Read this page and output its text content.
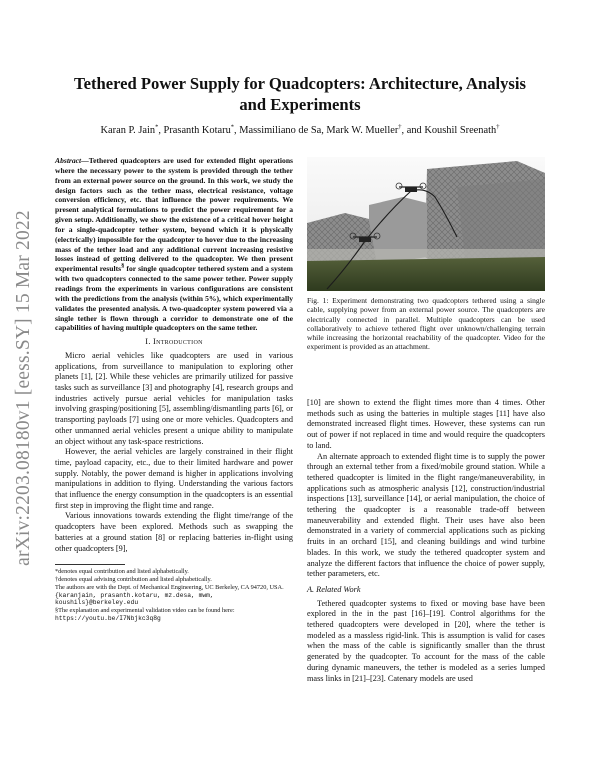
arXiv:2203.08180v1 [eess.SY] 15 Mar 2022
Tethered Power Supply for Quadcopters: Architecture, Analysis and Experiments
Karan P. Jain*, Prasanth Kotaru*, Massimiliano de Sa, Mark W. Mueller†, and Koushil Sreenath†

Abstract—Tethered quadcopters are used for extended flight operations where the necessary power to the system is provided through the tether from an external power source on the ground. In this work, we study the design factors such as the tether mass, electrical resistance, voltage conversion efficiency, etc. that influence the power requirements. We present analytical formulations to predict the power requirement for a given setup. Additionally, we show the existence of a critical hover height for a single-quadcopter tether system, beyond which it is physically (electrically) impossible for the quadcopter to hover due to the increasing mass of the tether load and any additional current increasing resistive losses instead of getting delivered to the quadcopter. We then present experimental results§ for single quadcopter tethered system and a system with two quadcopters connected to the same power tether. Power supply readings from the experiments in various configurations are consistent with the predictions from the analysis (within 5%), which experimentally validates the presented analysis. A two-quadcopter system powered via a single tether is flown through a corridor to demonstrate one of the capabilities of having multiple quadcopters on the same tether.

I. Introduction

Micro aerial vehicles like quadcopters are used in various applications, from surveillance to manipulation to exploring other planets [1], [2]. While these vehicles are primarily utilized for passive tasks such as surveillance [3] and photography [4], research groups and industries actively pursue aerial vehicles for manipulation tasks involving grasping/positioning [5], assembling/dismantling parts [6], or transporting payloads [7] using one or more vehicles. Quadcopters and other unmanned aerial vehicles present a unique ability to manipulate an object without any task-space restrictions.

However, the aerial vehicles are largely constrained in their flight time, payload capacity, etc., due to their limited hardware and power supply. Notably, the power demand is higher in applications involving manipulations in addition to flying. Understanding the various factors that influence the energy consumption in the quadcopters is an essential first step in improving the flight time and range.

Various innovations towards extending the flight time/range of the quadcopters have been explored. Methods such as swapping the batteries at a ground station [8] or replacing batteries in-flight using other quadcopters [9],

*denotes equal contribution and listed alphabetically.

†denotes equal advising contribution and listed alphabetically.

The authors are with the Dept. of Mechanical Engineering, UC Berkeley, CA 94720, USA. {karanjain, prasanth.kotaru, mz.desa, mwm, koushils}@berkeley.edu

§The explanation and experimental validation video can be found here: https://youtu.be/I7Nbjkc3q8g

Fig. 1: Experiment demonstrating two quadcopters tethered using a single cable, supplying power from an external power source. The quadcopters are electrically connected in parallel. Multiple quadcopters can be used collaboratively to achieve tethered flight over unknown/challenging terrain while increasing the horizontal reachability of the quadcopter. Video for the experiment is provided as an attachment.

[10] are shown to extend the flight times more than 4 times. Other methods such as using the batteries in multiple stages [11] have also demonstrated increased flight times. However, these systems can run out of power if not replaced in time and would require the quadcopters to land.

An alternate approach to extended flight time is to supply the power through an external tether from a fixed/mobile ground station. While a tethered quadcopter is limited in the flight range/maneuverability, in applications such as atmospheric analysis [12], construction/industrial inspections [13], surveillance [14], or aerial manipulation, the choice of tethering the quadcopter is a reasonable trade-off between maneuverability and extended flight. Their uses have also been demonstrated in a variety of commercial applications such as picking fruits in an orchard [15], and cleaning buildings and wind turbine blades. In this work, we study the tethered quadcopter system and analyze the different factors that influence the choice of power supply, tether parameters, etc.

A. Related Work

Tethered quadcopter systems to fixed or moving base have been explored in the in the past [16]–[19]. Control algorithms for the tethered quadcopters were developed in [20], where the tether is modeled as a massless rigid-link. This is assumption is valid for cases when the mass of the cable is significantly smaller than the thrust generated by the quadcopter. To account for the mass of the cable during dynamic maneuvers, the tether is modeled as a series lumped mass links in [21]–[23]. Catenary models are used
